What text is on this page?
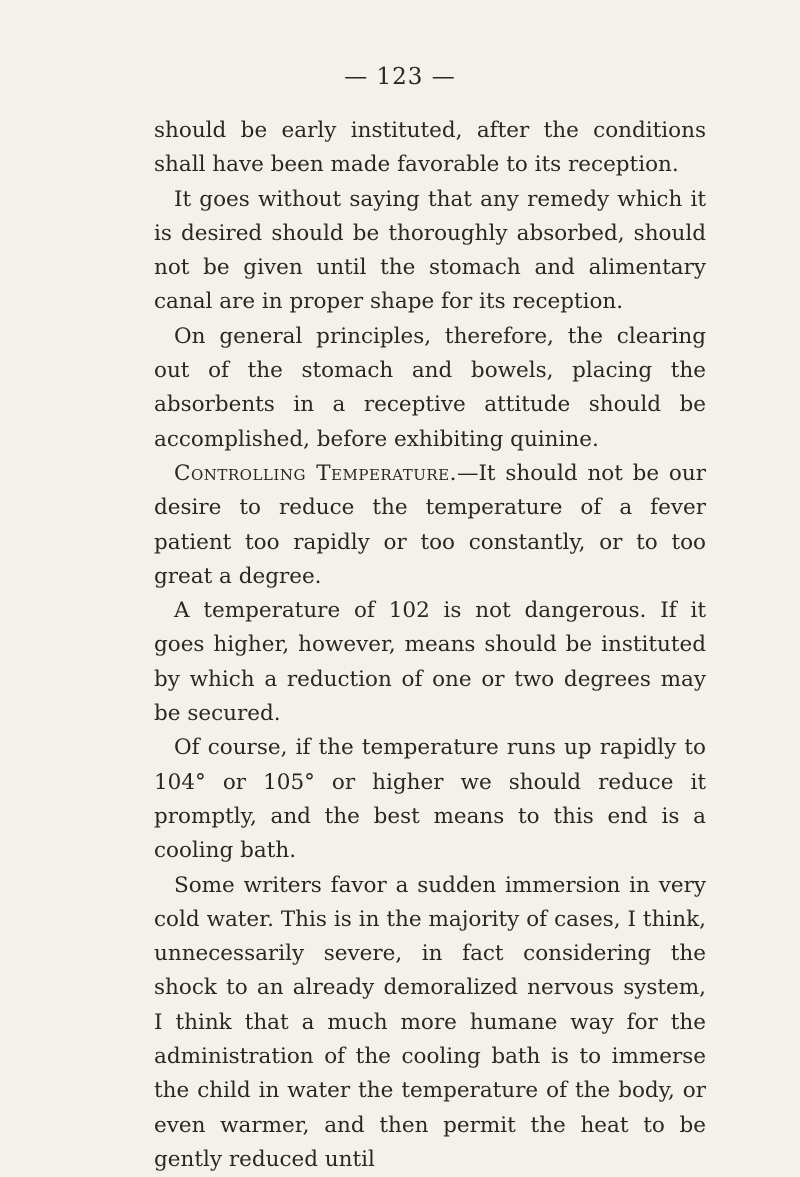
— 123 —

should be early instituted, after the conditions shall have been made favorable to its reception.

It goes without saying that any remedy which it is desired should be thoroughly absorbed, should not be given until the stomach and alimentary canal are in proper shape for its reception.

On general principles, therefore, the clearing out of the stomach and bowels, placing the absorbents in a receptive attitude should be accomplished, before exhibiting quinine.

Controlling Temperature.—It should not be our desire to reduce the temperature of a fever patient too rapidly or too constantly, or to too great a degree.

A temperature of 102 is not dangerous. If it goes higher, however, means should be instituted by which a reduction of one or two degrees may be secured.

Of course, if the temperature runs up rapidly to 104° or 105° or higher we should reduce it promptly, and the best means to this end is a cooling bath.

Some writers favor a sudden immersion in very cold water. This is in the majority of cases, I think, unnecessarily severe, in fact considering the shock to an already demoralized nervous system, I think that a much more humane way for the administration of the cooling bath is to immerse the child in water the temperature of the body, or even warmer, and then permit the heat to be gently reduced until
